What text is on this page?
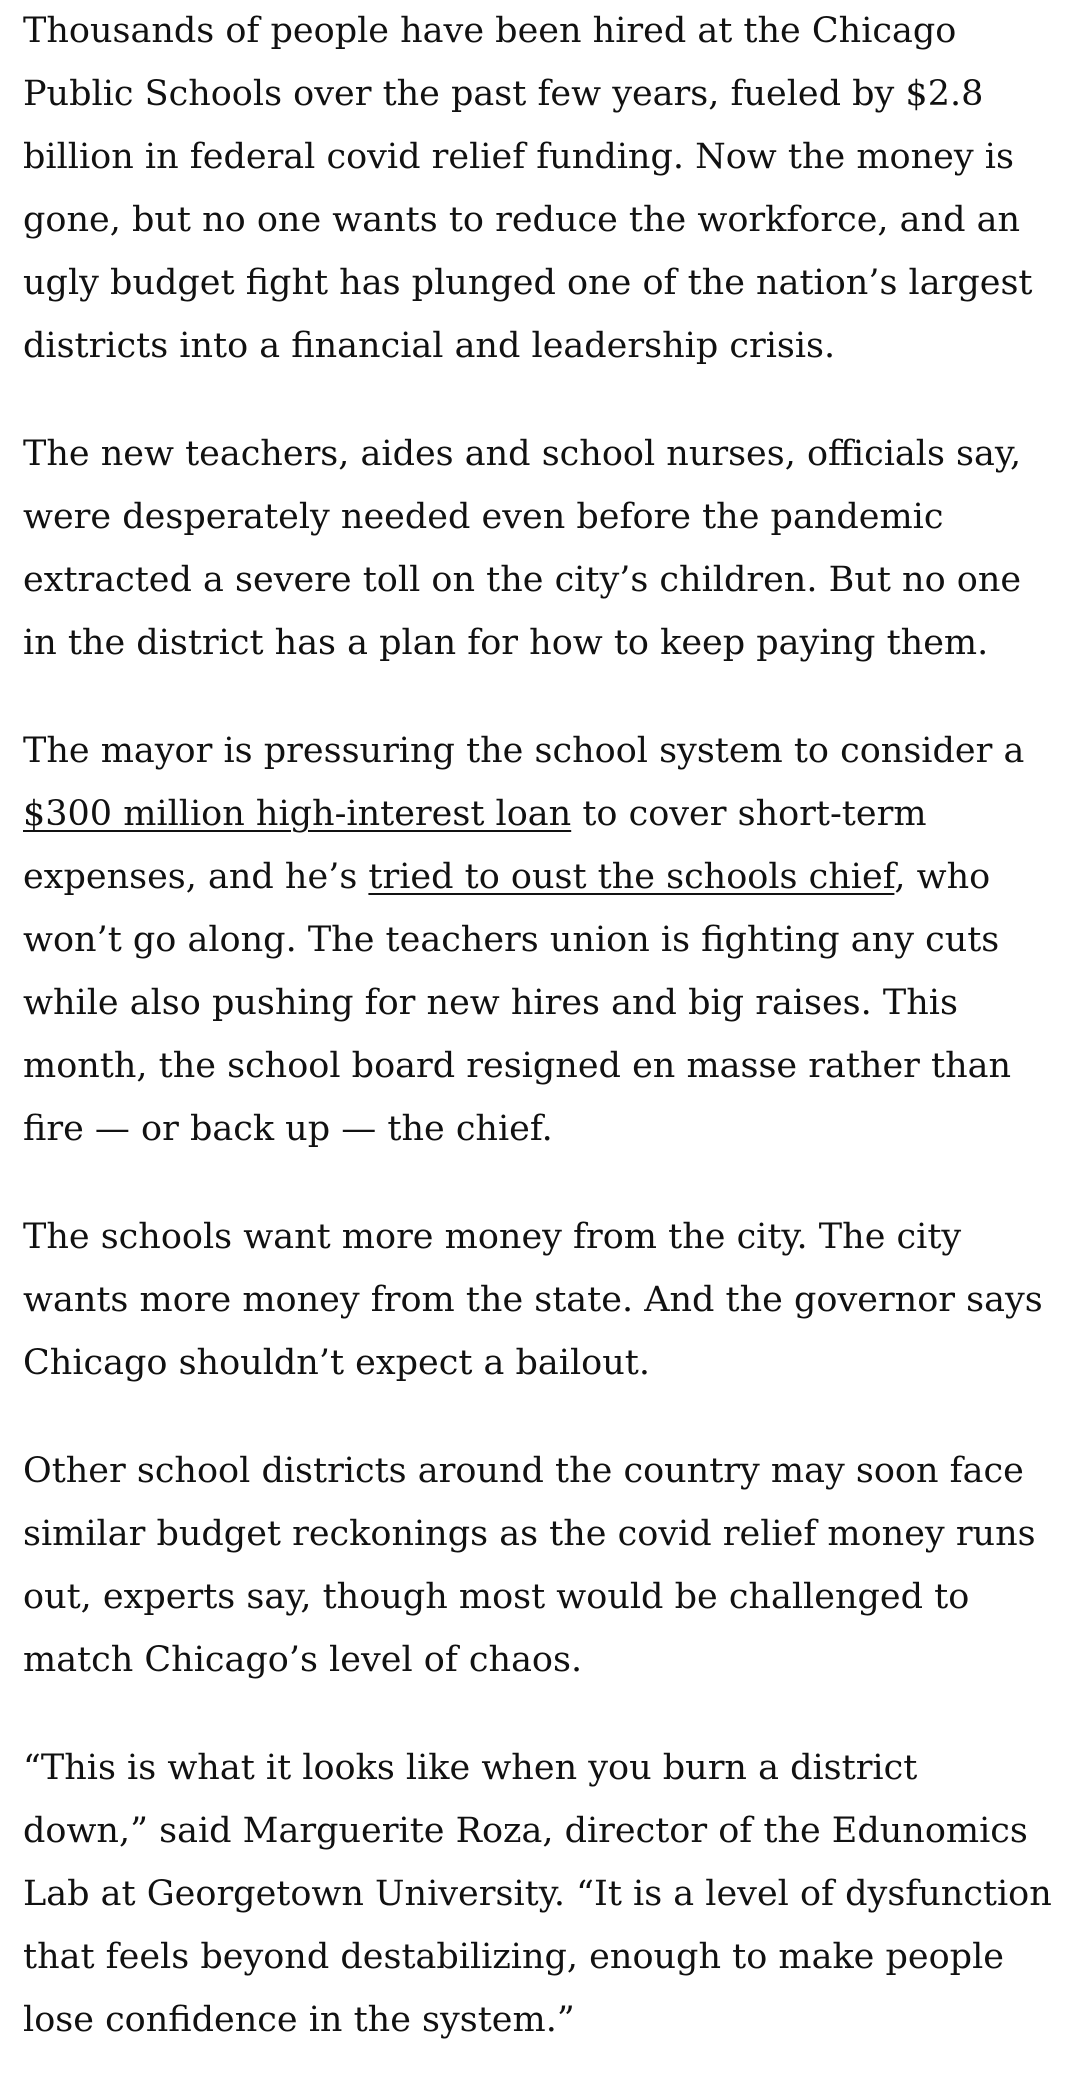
Thousands of people have been hired at the Chicago Public Schools over the past few years, fueled by $2.8 billion in federal covid relief funding. Now the money is gone, but no one wants to reduce the workforce, and an ugly budget fight has plunged one of the nation’s largest districts into a financial and leadership crisis.

The new teachers, aides and school nurses, officials say, were desperately needed even before the pandemic extracted a severe toll on the city’s children. But no one in the district has a plan for how to keep paying them.

The mayor is pressuring the school system to consider a $300 million high-interest loan to cover short-term expenses, and he’s tried to oust the schools chief, who won’t go along. The teachers union is fighting any cuts while also pushing for new hires and big raises. This month, the school board resigned en masse rather than fire — or back up — the chief.

The schools want more money from the city. The city wants more money from the state. And the governor says Chicago shouldn’t expect a bailout.

Other school districts around the country may soon face similar budget reckonings as the covid relief money runs out, experts say, though most would be challenged to match Chicago’s level of chaos.

“This is what it looks like when you burn a district down,” said Marguerite Roza, director of the Edunomics Lab at Georgetown University. “It is a level of dysfunction that feels beyond destabilizing, enough to make people lose confidence in the system.”
